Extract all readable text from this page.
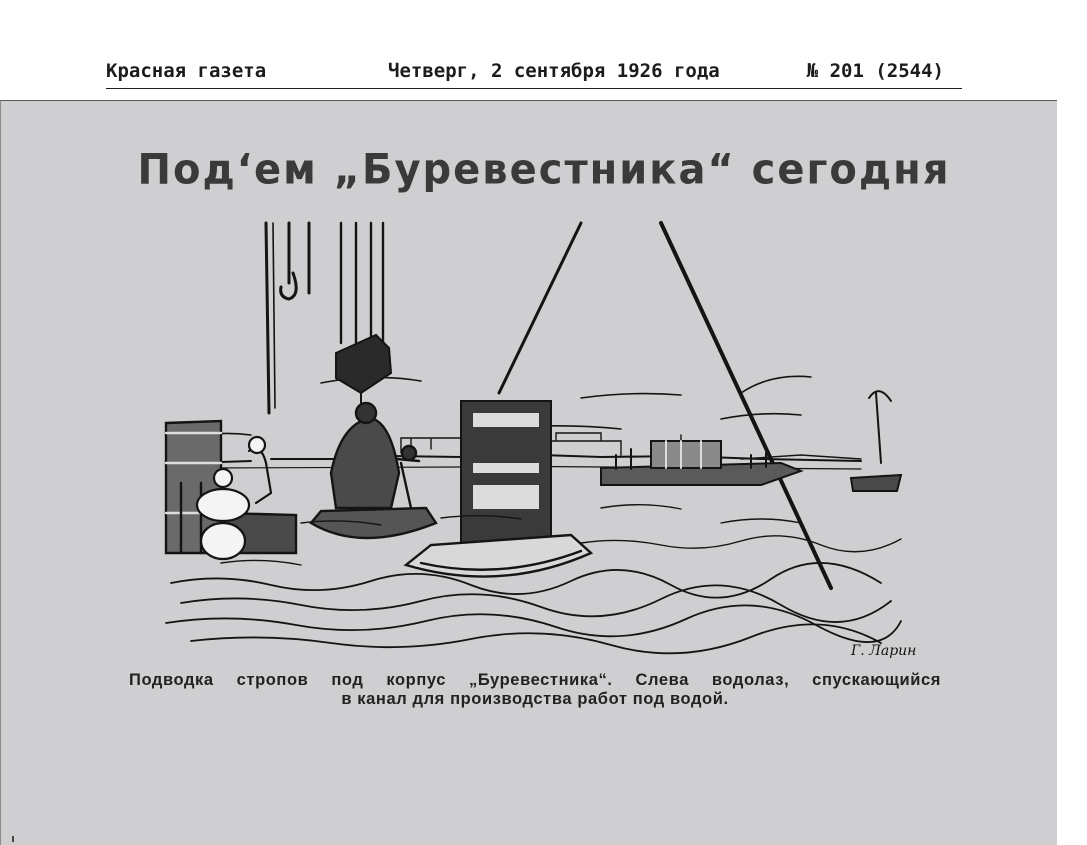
Красная газета	Четверг, 2 сентября 1926 года	№ 201 (2544)
Под‘ем „Буревестника“ сегодня
Г. Ларин
Подводка стропов под корпус „Буревестника“. Слева водолаз, спускающийся
в канал для производства работ под водой.
